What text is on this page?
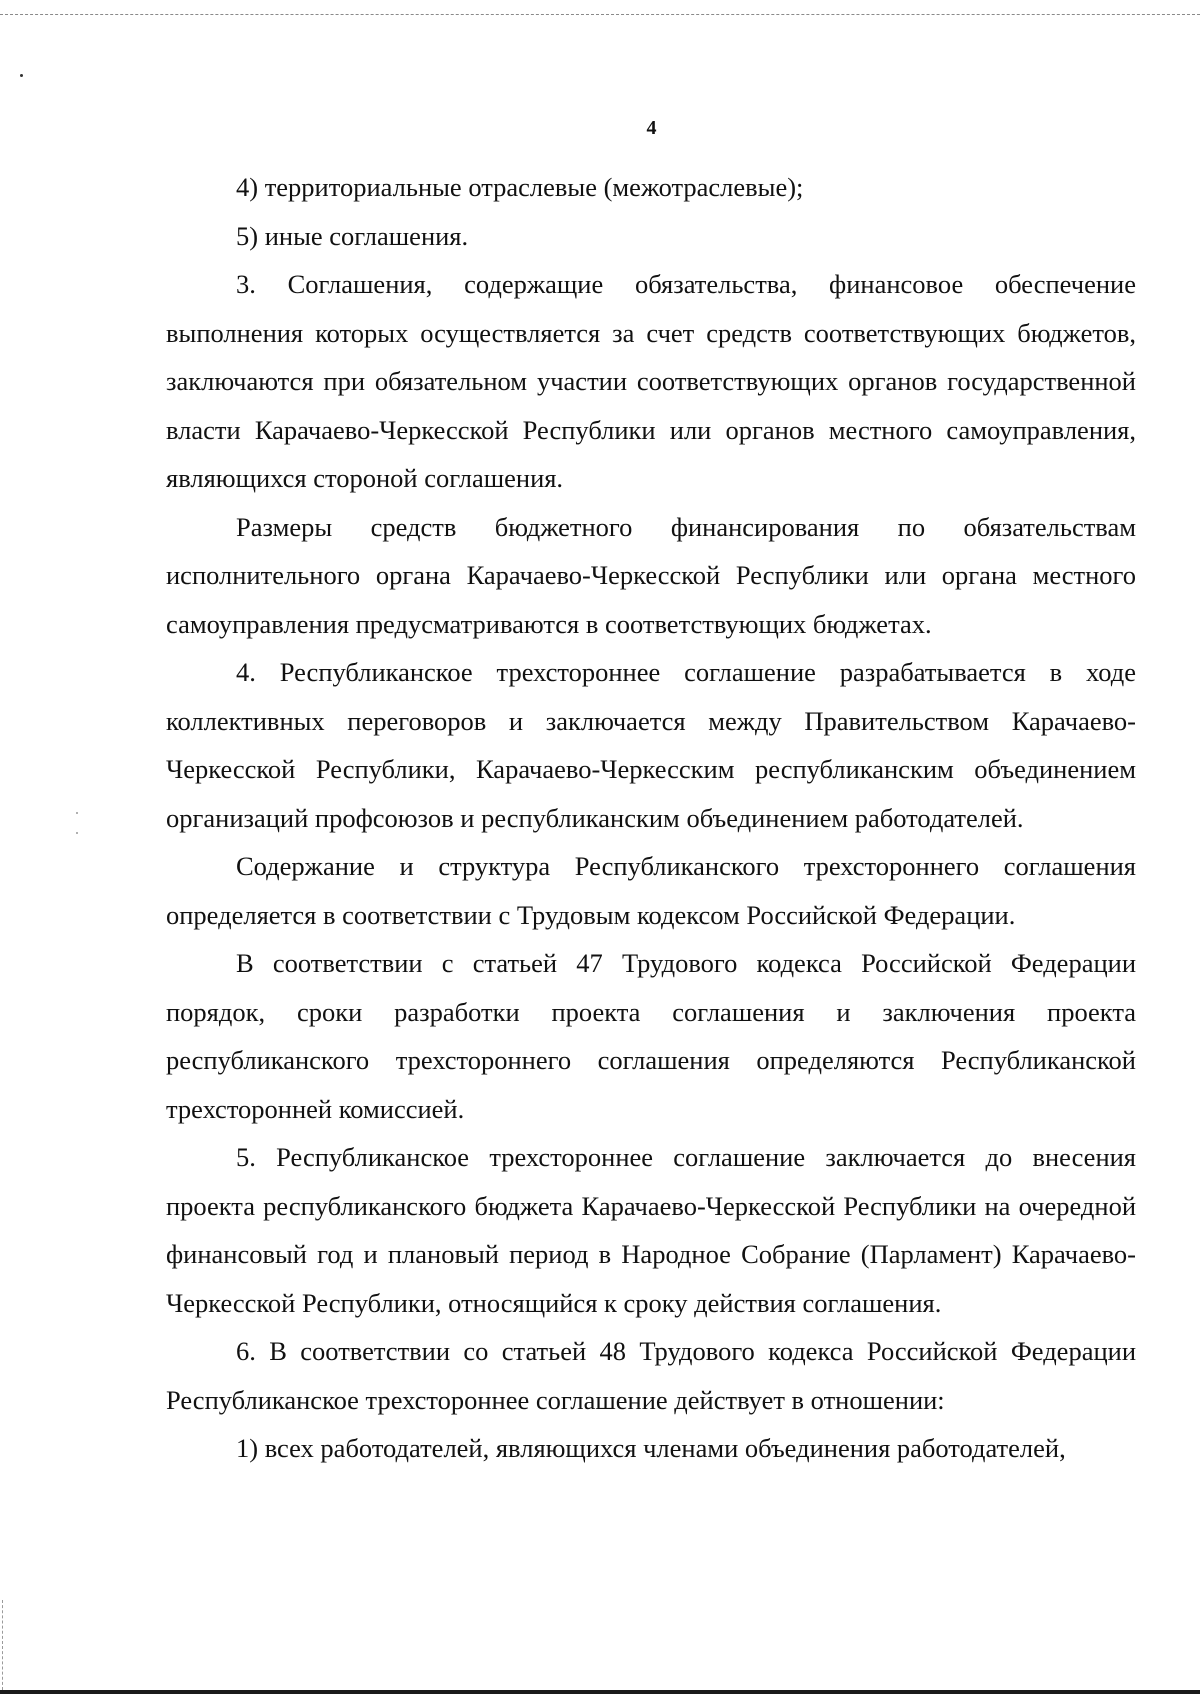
4

4) территориальные отраслевые (межотраслевые);

5) иные соглашения.

3. Соглашения, содержащие обязательства, финансовое обеспечение выполнения которых осуществляется за счет средств соответствующих бюджетов, заключаются при обязательном участии соответствующих органов государственной власти Карачаево-Черкесской Республики или органов местного самоуправления, являющихся стороной соглашения.

Размеры средств бюджетного финансирования по обязательствам исполнительного органа Карачаево-Черкесской Республики или органа местного самоуправления предусматриваются в соответствующих бюджетах.

4. Республиканское трехстороннее соглашение разрабатывается в ходе коллективных переговоров и заключается между Правительством Карачаево-Черкесской Республики, Карачаево-Черкесским республиканским объединением организаций профсоюзов и республиканским объединением работодателей.

Содержание и структура Республиканского трехстороннего соглашения определяется в соответствии с Трудовым кодексом Российской Федерации.

В соответствии с статьей 47 Трудового кодекса Российской Федерации порядок, сроки разработки проекта соглашения и заключения проекта республиканского трехстороннего соглашения определяются Республиканской трехсторонней комиссией.

5. Республиканское трехстороннее соглашение заключается до внесения проекта республиканского бюджета Карачаево-Черкесской Республики на очередной финансовый год и плановый период в Народное Собрание (Парламент) Карачаево-Черкесской Республики, относящийся к сроку действия соглашения.

6. В соответствии со статьей 48 Трудового кодекса Российской Федерации Республиканское трехстороннее соглашение действует в отношении:

1) всех работодателей, являющихся членами объединения работодателей,
